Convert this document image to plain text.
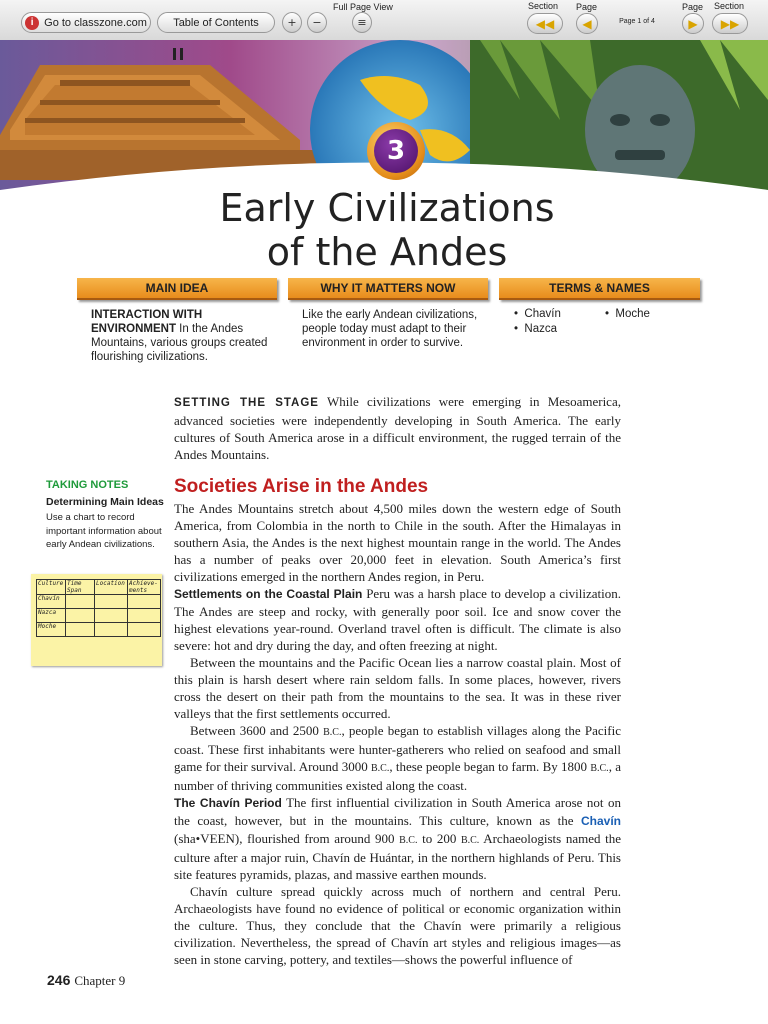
i Go to classzone.com Table of Contents	+	−
Full Page View
≡
Section Page
◀◀	◀	Page 1 of 4
Page Section
▶	▶▶
3
Early Civilizations
of the Andes
MAIN IDEA	WHY IT MATTERS NOW	TERMS & NAMES
INTERACTION WITH ENVIRONMENT In the Andes Mountains, various groups created flourishing civilizations.
Like the early Andean civilizations, people today must adapt to their environment in order to survive.
•  Chavín
•  Nazca
•  Moche
SETTING THE STAGE While civilizations were emerging in Mesoamerica, advanced societies were independently developing in South America. The early cultures of South America arose in a difficult environment, the rugged terrain of the Andes Mountains.
TAKING NOTES
Determining Main Ideas
Use a chart to record important information about early Andean civilizations.
Culture	Time Span	Location	Achieve- ments
Chavín			
Nazca			
Moche			
Societies Arise in the Andes

The Andes Mountains stretch about 4,500 miles down the western edge of South America, from Colombia in the north to Chile in the south. After the Himalayas in southern Asia, the Andes is the next highest mountain range in the world. The Andes has a number of peaks over 20,000 feet in elevation. South America’s first civilizations emerged in the northern Andes region, in Peru.

Settlements on the Coastal Plain Peru was a harsh place to develop a civilization. The Andes are steep and rocky, with generally poor soil. Ice and snow cover the highest elevations year-round. Overland travel often is difficult. The climate is also severe: hot and dry during the day, and often freezing at night.

Between the mountains and the Pacific Ocean lies a narrow coastal plain. Most of this plain is harsh desert where rain seldom falls. In some places, however, rivers cross the desert on their path from the mountains to the sea. It was in these river valleys that the first settlements occurred.

Between 3600 and 2500 B.C., people began to establish villages along the Pacific coast. These first inhabitants were hunter-gatherers who relied on seafood and small game for their survival. Around 3000 B.C., these people began to farm. By 1800 B.C., a number of thriving communities existed along the coast.

The Chavín Period The first influential civilization in South America arose not on the coast, however, but in the mountains. This culture, known as the Chavín (sha•VEEN), flourished from around 900 B.C. to 200 B.C. Archaeologists named the culture after a major ruin, Chavín de Huántar, in the northern highlands of Peru. This site features pyramids, plazas, and massive earthen mounds.

Chavín culture spread quickly across much of northern and central Peru. Archaeologists have found no evidence of political or economic organization within the culture. Thus, they conclude that the Chavín were primarily a religious civilization. Nevertheless, the spread of Chavín art styles and religious images—as seen in stone carving, pottery, and textiles—shows the powerful influence of

246 Chapter 9
